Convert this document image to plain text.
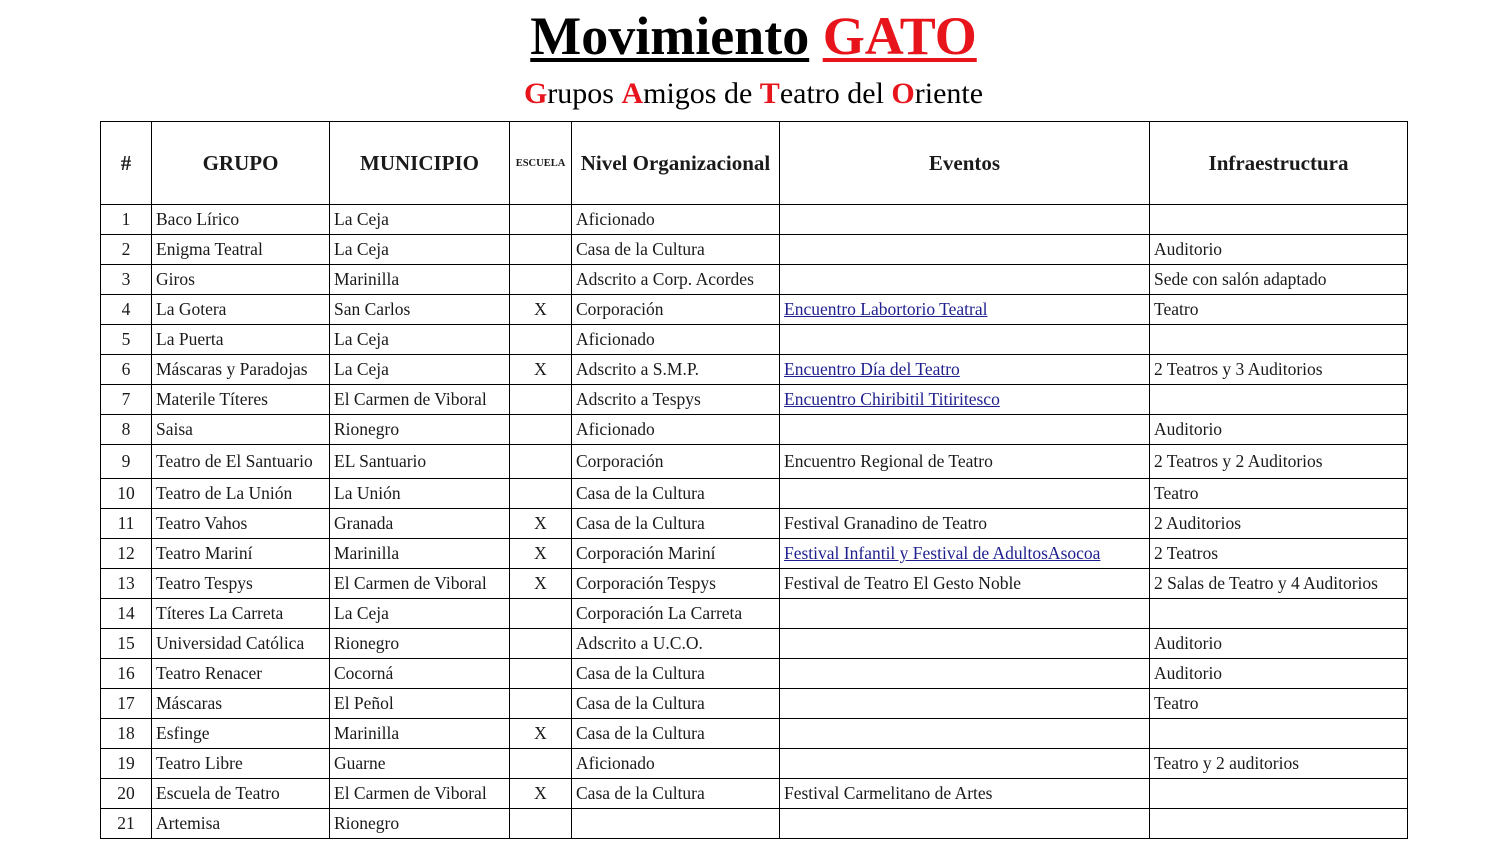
Movimiento GATO
Grupos Amigos de Teatro del Oriente
#	GRUPO	MUNICIPIO	ESCUELA	Nivel Organizacional	Eventos	Infraestructura
1	Baco Lírico	La Ceja		Aficionado		
2	Enigma Teatral	La Ceja		Casa de la Cultura		Auditorio
3	Giros	Marinilla		Adscrito a Corp. Acordes		Sede con salón adaptado
4	La Gotera	San Carlos	X	Corporación	Encuentro Labortorio Teatral	Teatro
5	La Puerta	La Ceja		Aficionado		
6	Máscaras y Paradojas	La Ceja	X	Adscrito a S.M.P.	Encuentro Día del Teatro	2 Teatros y 3 Auditorios
7	Materile Títeres	El Carmen de Viboral		Adscrito a Tespys	Encuentro Chiribitil Titiritesco	
8	Saisa	Rionegro		Aficionado		Auditorio
9	Teatro de El Santuario	EL Santuario		Corporación	Encuentro Regional de Teatro	2 Teatros y 2 Auditorios
10	Teatro de La Unión	La Unión		Casa de la Cultura		Teatro
11	Teatro Vahos	Granada	X	Casa de la Cultura	Festival Granadino de Teatro	2 Auditorios
12	Teatro Mariní	Marinilla	X	Corporación Mariní	Festival Infantil y Festival de AdultosAsocoa	2 Teatros
13	Teatro Tespys	El Carmen de Viboral	X	Corporación Tespys	Festival de Teatro El Gesto Noble	2 Salas de Teatro y 4 Auditorios
14	Títeres La Carreta	La Ceja		Corporación La Carreta		
15	Universidad Católica	Rionegro		Adscrito a U.C.O.		Auditorio
16	Teatro Renacer	Cocorná		Casa de la Cultura		Auditorio
17	Máscaras	El Peñol		Casa de la Cultura		Teatro
18	Esfinge	Marinilla	X	Casa de la Cultura		
19	Teatro Libre	Guarne		Aficionado		Teatro y 2 auditorios
20	Escuela de Teatro	El Carmen de Viboral	X	Casa de la Cultura	Festival Carmelitano de Artes	
21	Artemisa	Rionegro				
